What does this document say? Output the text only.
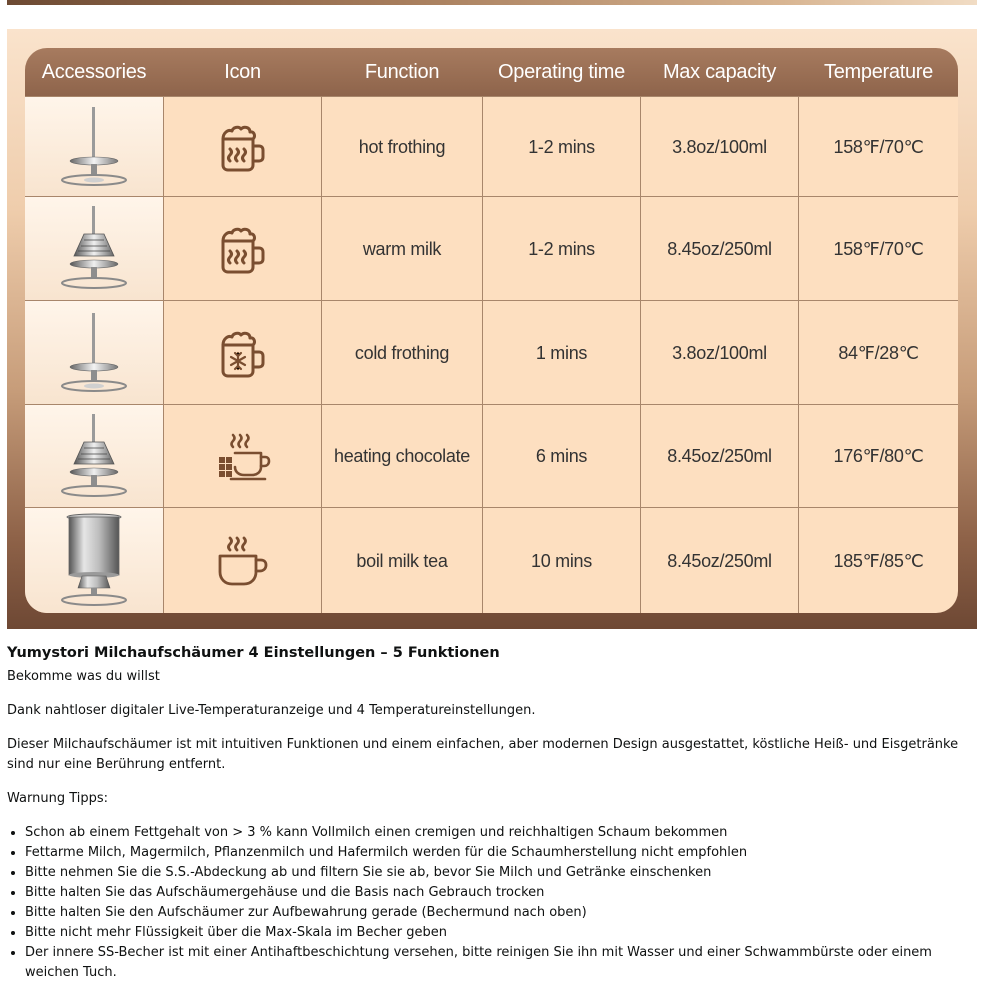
Accessories	Icon	Function	Operating time	Max capacity	Temperature
hot frothing	1-2 mins	3.8oz/100ml	158℉/70℃
warm milk	1-2 mins	8.45oz/250ml	158℉/70℃
cold frothing	1 mins	3.8oz/100ml	84℉/28℃
heating chocolate	6 mins	8.45oz/250ml	176℉/80℃
boil milk tea	10 mins	8.45oz/250ml	185℉/85℃
Yumystori Milchaufschäumer 4 Einstellungen – 5 Funktionen

Bekomme was du willst

Dank nahtloser digitaler Live-Temperaturanzeige und 4 Temperatureinstellungen.

Dieser Milchaufschäumer ist mit intuitiven Funktionen und einem einfachen, aber modernen Design ausgestattet, köstliche Heiß- und Eisgetränke sind nur eine Berührung entfernt.

Warnung Tipps:

• Schon ab einem Fettgehalt von > 3 % kann Vollmilch einen cremigen und reichhaltigen Schaum bekommen
• Fettarme Milch, Magermilch, Pflanzenmilch und Hafermilch werden für die Schaumherstellung nicht empfohlen
• Bitte nehmen Sie die S.S.-Abdeckung ab und filtern Sie sie ab, bevor Sie Milch und Getränke einschenken
• Bitte halten Sie das Aufschäumergehäuse und die Basis nach Gebrauch trocken
• Bitte halten Sie den Aufschäumer zur Aufbewahrung gerade (Bechermund nach oben)
• Bitte nicht mehr Flüssigkeit über die Max-Skala im Becher geben
• Der innere SS-Becher ist mit einer Antihaftbeschichtung versehen, bitte reinigen Sie ihn mit Wasser und einer Schwammbürste oder einem weichen Tuch.
